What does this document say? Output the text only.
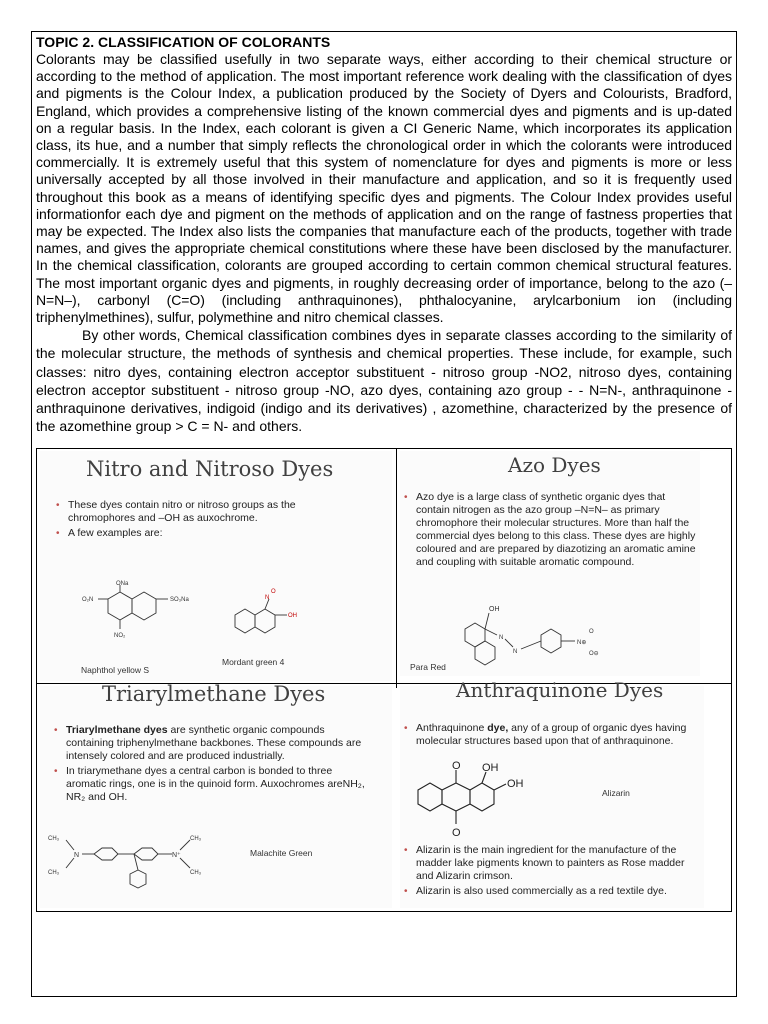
TOPIC 2. CLASSIFICATION OF COLORANTS

Colorants may be classified usefully in two separate ways, either according to their chemical structure or according to the method of application. The most important reference work dealing with the classification of dyes and pigments is the Colour Index, a publication produced by the Society of Dyers and Colourists, Bradford, England, which provides a comprehensive listing of the known commercial dyes and pigments and is up-dated on a regular basis. In the Index, each colorant is given a CI Generic Name, which incorporates its application class, its hue, and a number that simply reflects the chronological order in which the colorants were introduced commercially. It is extremely useful that this system of nomenclature for dyes and pigments is more or less universally accepted by all those involved in their manufacture and application, and so it is frequently used throughout this book as a means of identifying specific dyes and pigments. The Colour Index provides useful informationfor each dye and pigment on the methods of application and on the range of fastness properties that may be expected. The Index also lists the companies that manufacture each of the products, together with trade names, and gives the appropriate chemical constitutions where these have been disclosed by the manufacturer. In the chemical classification, colorants are grouped according to certain common chemical structural features. The most important organic dyes and pigments, in roughly decreasing order of importance, belong to the azo (–N=N–), carbonyl (C=O) (including anthraquinones), phthalocyanine, arylcarbonium ion (including triphenylmethines), sulfur, polymethine and nitro chemical classes.

By other words, Chemical classification combines dyes in separate classes according to the similarity of the molecular structure, the methods of synthesis and chemical properties. These include, for example, such classes: nitro dyes, containing electron acceptor substituent - nitroso group -NO2, nitroso dyes, containing electron acceptor substituent - nitroso group -NO, azo dyes, containing azo group - - N=N-, anthraquinone - anthraquinone derivatives, indigoid (indigo and its derivatives) , azomethine, characterized by the presence of the azomethine group > C = N- and others.

Nitro and Nitroso Dyes
• These dyes contain nitro or nitroso groups as the chromophores and –OH as auxochrome.
• A few examples are:
ONa
O₂N	SO₃Na
NO₂
N
O
OH
Naphthol yellow S
Mordant green 4
Azo Dyes
• Azo dye is a large class of synthetic organic dyes that contain nitrogen as the azo group –N=N– as primary chromophore their molecular structures. More than half the commercial dyes belong to this class. These dyes are highly coloured and are prepared by diazotizing an aromatic amine and coupling with suitable aromatic compound.
OH
N
N
N⊕
O
O⊖
Para Red
Triarylmethane Dyes
• Triarylmethane dyes are synthetic organic compounds containing triphenylmethane backbones. These compounds are intensely colored and are produced industrially.
• In triarymethane dyes a central carbon is bonded to three aromatic rings, one is in the quinoid form. Auxochromes areNH₂, NR₂ and OH.
CH₃
N
CH₃
N⁺
CH₃
CH₃
Malachite Green
Anthraquinone Dyes
• Anthraquinone dye, any of a group of organic dyes having molecular structures based upon that of anthraquinone.
O OH
OH
O
Alizarin
• Alizarin is the main ingredient for the manufacture of the madder lake pigments known to painters as Rose madder and Alizarin crimson.
• Alizarin is also used commercially as a red textile dye.
